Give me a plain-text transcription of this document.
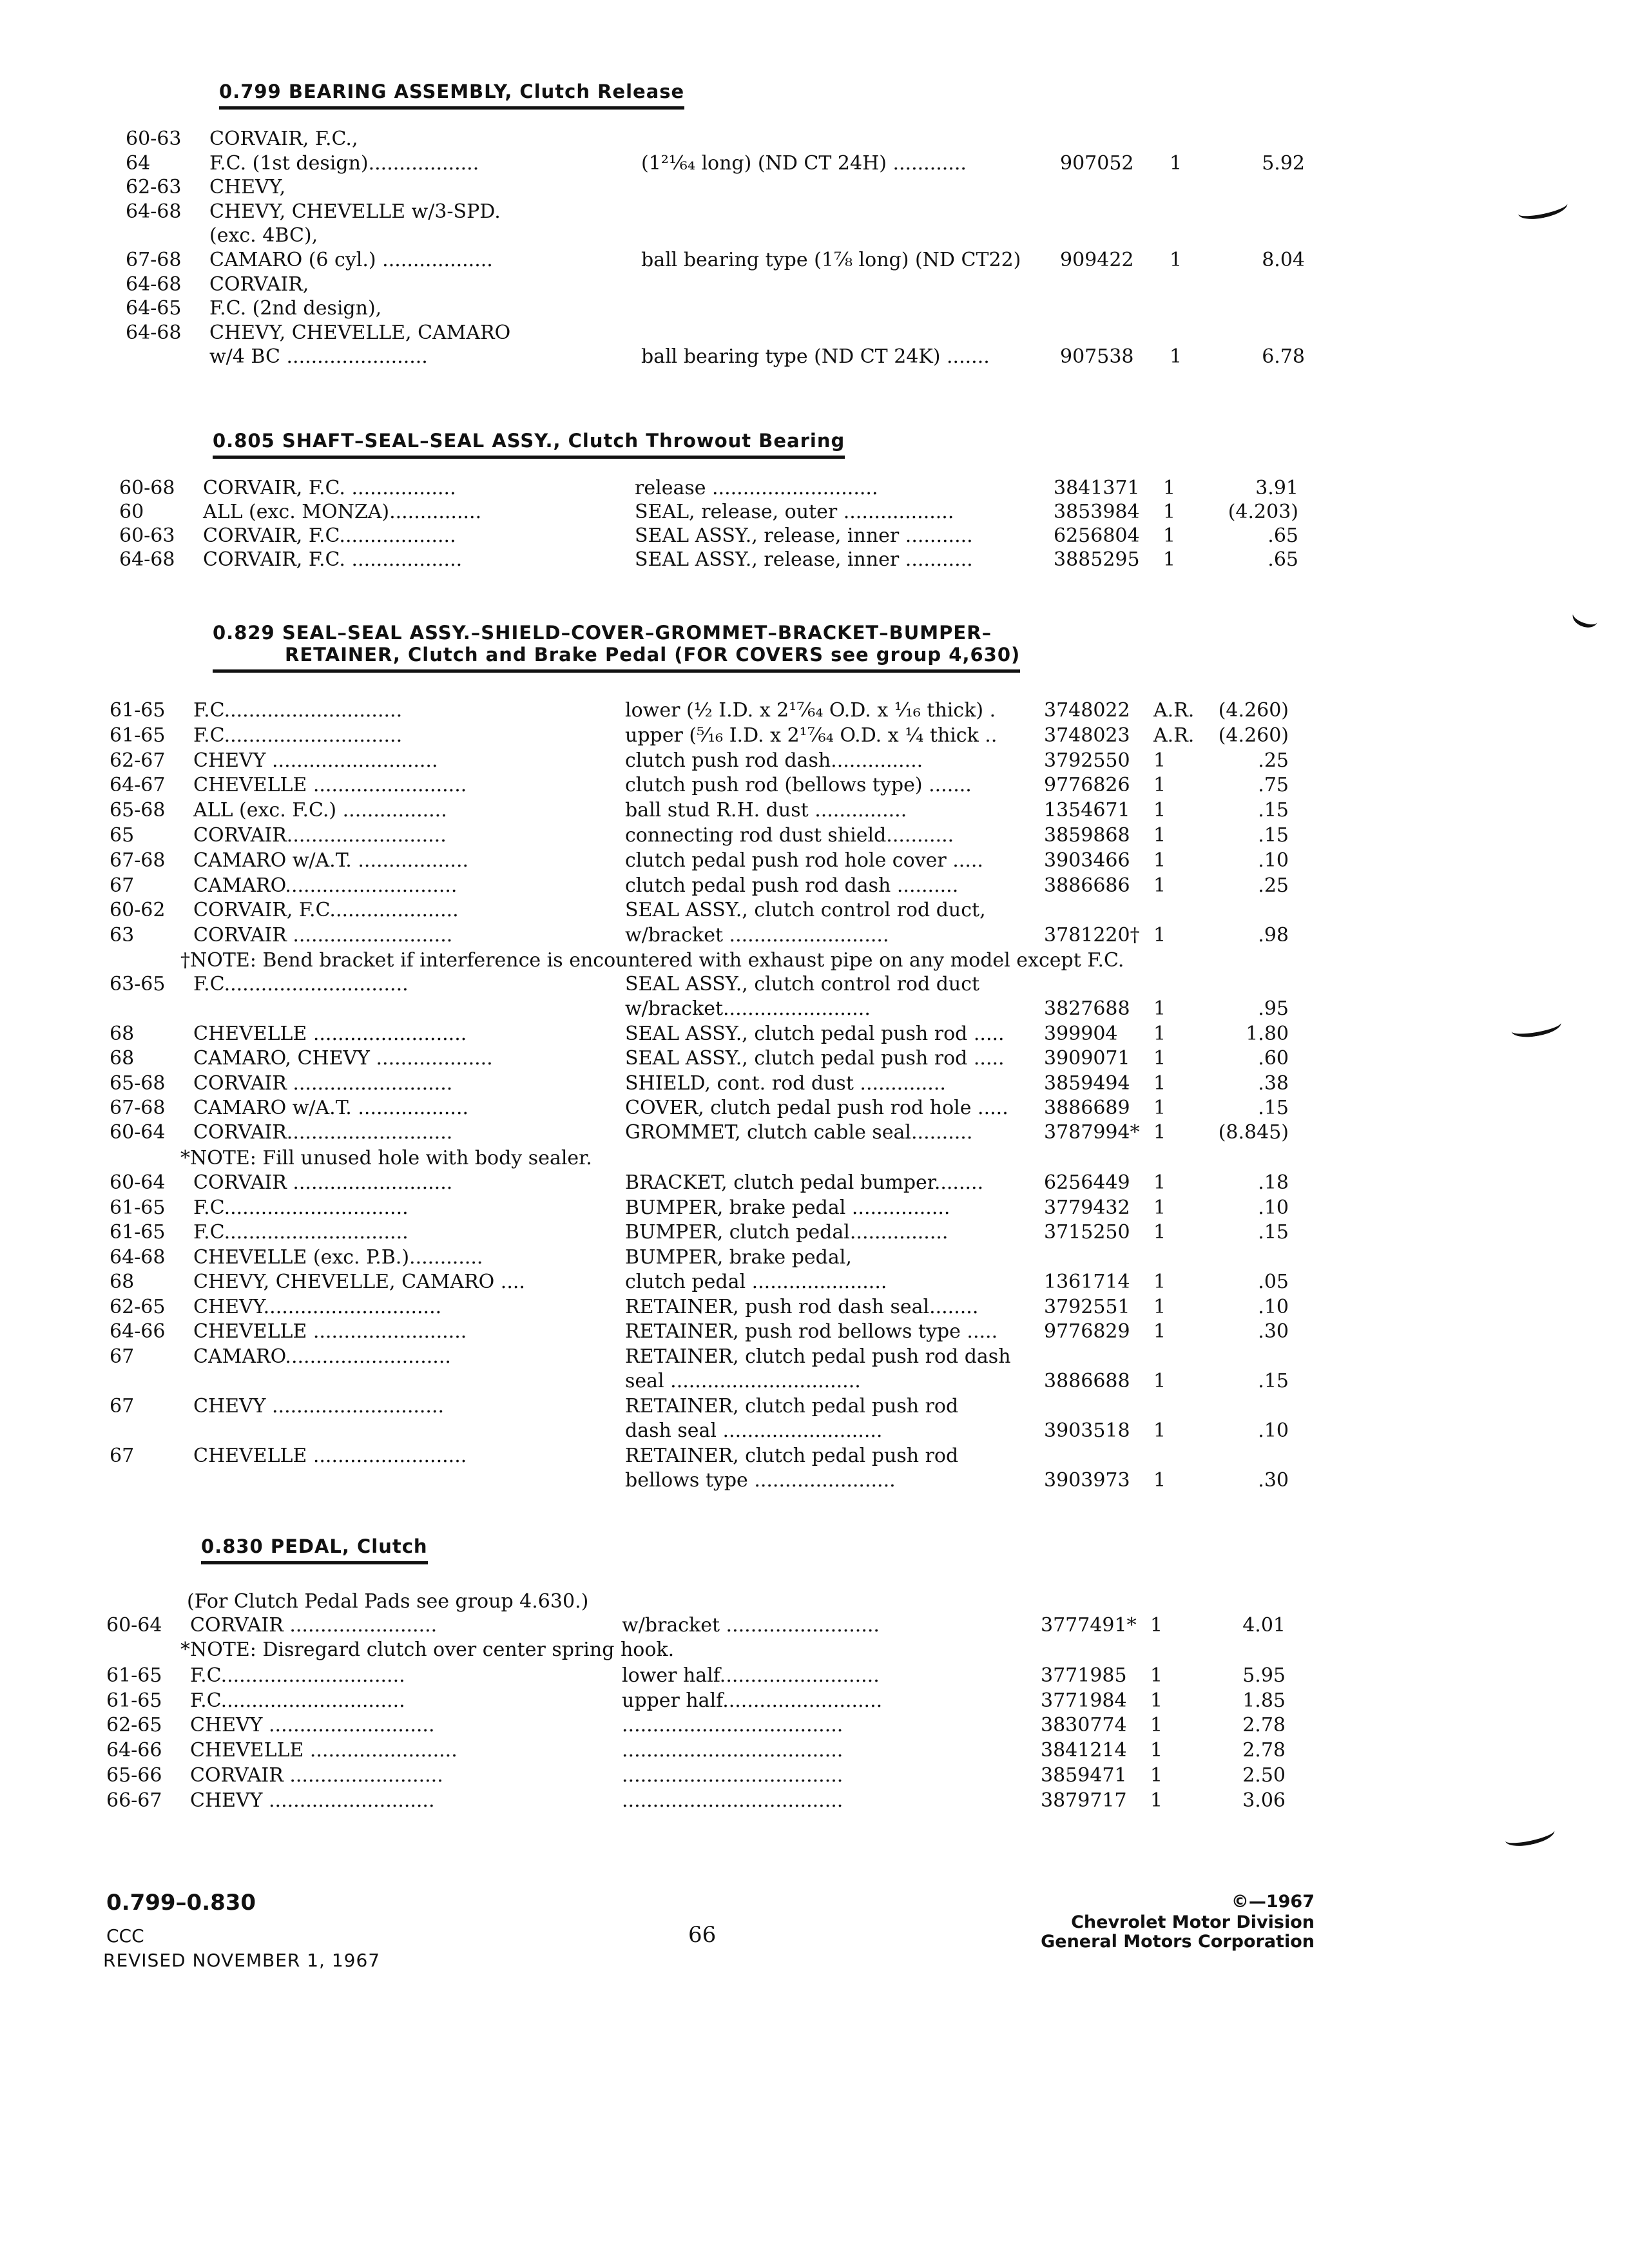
0.799 BEARING ASSEMBLY, Clutch Release
60-63 CORVAIR, F.C.,
64	F.C. (1st design)..................	(1²¹⁄₆₄ long) (ND CT 24H) ............	907052 1	5.92
62-63 CHEVY,
64-68 CHEVY, CHEVELLE w/3-SPD.
(exc. 4BC),
67-68 CAMARO (6 cyl.) ..................	ball bearing type (1⅞ long) (ND CT22) 909422 1	8.04
64-68 CORVAIR,
64-65 F.C. (2nd design),
64-68 CHEVY, CHEVELLE, CAMARO
w/4 BC .......................	ball bearing type (ND CT 24K) .......	907538 1	6.78
0.805 SHAFT–SEAL–SEAL ASSY., Clutch Throwout Bearing
60-68 CORVAIR, F.C. .................	release ...........................	3841371 1	3.91
60	ALL (exc. MONZA)...............	SEAL, release, outer ..................	3853984 1	(4.203)
60-63 CORVAIR, F.C...................	SEAL ASSY., release, inner ...........	6256804 1	.65
64-68 CORVAIR, F.C. ..................	SEAL ASSY., release, inner ...........	3885295 1	.65
0.829 SEAL–SEAL ASSY.–SHIELD–COVER–GROMMET–BRACKET–BUMPER–
RETAINER, Clutch and Brake Pedal (FOR COVERS see group 4,630)
61-65 F.C.............................	lower (½ I.D. x 2¹⁷⁄₆₄ O.D. x ¹⁄₁₆ thick) . 3748022 A.R.	(4.260)
61-65 F.C.............................	upper (⁵⁄₁₆ I.D. x 2¹⁷⁄₆₄ O.D. x ¼ thick .. 3748023 A.R.	(4.260)
62-67 CHEVY ...........................	clutch push rod dash...............	3792550 1	.25
64-67 CHEVELLE .........................	clutch push rod (bellows type) .......	9776826 1	.75
65-68 ALL (exc. F.C.) .................	ball stud R.H. dust ...............	1354671 1	.15
65	CORVAIR..........................	connecting rod dust shield...........	3859868 1	.15
67-68 CAMARO w/A.T. ..................	clutch pedal push rod hole cover .....	3903466 1	.10
67	CAMARO............................	clutch pedal push rod dash ..........	3886686 1	.25
60-62 CORVAIR, F.C.....................	SEAL ASSY., clutch control rod duct,
63	CORVAIR ..........................	w/bracket ..........................	3781220† 1	.98
†NOTE: Bend bracket if interference is encountered with exhaust pipe on any model except F.C.
63-65 F.C..............................	SEAL ASSY., clutch control rod duct
w/bracket........................	3827688 1	.95
68	CHEVELLE .........................	SEAL ASSY., clutch pedal push rod ..... 399904 1	1.80
68	CAMARO, CHEVY ...................	SEAL ASSY., clutch pedal push rod ..... 3909071 1	.60
65-68 CORVAIR ..........................	SHIELD, cont. rod dust ..............	3859494 1	.38
67-68 CAMARO w/A.T. ..................	COVER, clutch pedal push rod hole ..... 3886689 1	.15
60-64 CORVAIR...........................	GROMMET, clutch cable seal..........	3787994* 1	(8.845)
*NOTE: Fill unused hole with body sealer.
60-64 CORVAIR ..........................	BRACKET, clutch pedal bumper........	6256449 1	.18
61-65 F.C..............................	BUMPER, brake pedal ................	3779432 1	.10
61-65 F.C..............................	BUMPER, clutch pedal................	3715250 1	.15
64-68 CHEVELLE (exc. P.B.)............	BUMPER, brake pedal,
68	CHEVY, CHEVELLE, CAMARO ....	clutch pedal ......................	1361714 1	.05
62-65 CHEVY.............................	RETAINER, push rod dash seal........	3792551 1	.10
64-66 CHEVELLE .........................	RETAINER, push rod bellows type ..... 9776829 1	.30
67	CAMARO...........................	RETAINER, clutch pedal push rod dash
seal ...............................	3886688 1	.15
67	CHEVY ............................	RETAINER, clutch pedal push rod
dash seal ..........................	3903518 1	.10
67	CHEVELLE .........................	RETAINER, clutch pedal push rod
bellows type .......................	3903973 1	.30
0.830 PEDAL, Clutch
(For Clutch Pedal Pads see group 4.630.)
60-64 CORVAIR ........................	w/bracket .........................	3777491* 1	4.01
*NOTE: Disregard clutch over center spring hook.
61-65 F.C..............................	lower half..........................	3771985 1	5.95
61-65 F.C..............................	upper half..........................	3771984 1	1.85
62-65 CHEVY ...........................	....................................	3830774 1	2.78
64-66 CHEVELLE ........................	....................................	3841214 1	2.78
65-66 CORVAIR .........................	....................................	3859471 1	2.50
66-67 CHEVY ...........................	....................................	3879717 1	3.06
0.799–0.830
CCC
REVISED NOVEMBER 1, 1967
66
©—1967
Chevrolet Motor Division
General Motors Corporation
